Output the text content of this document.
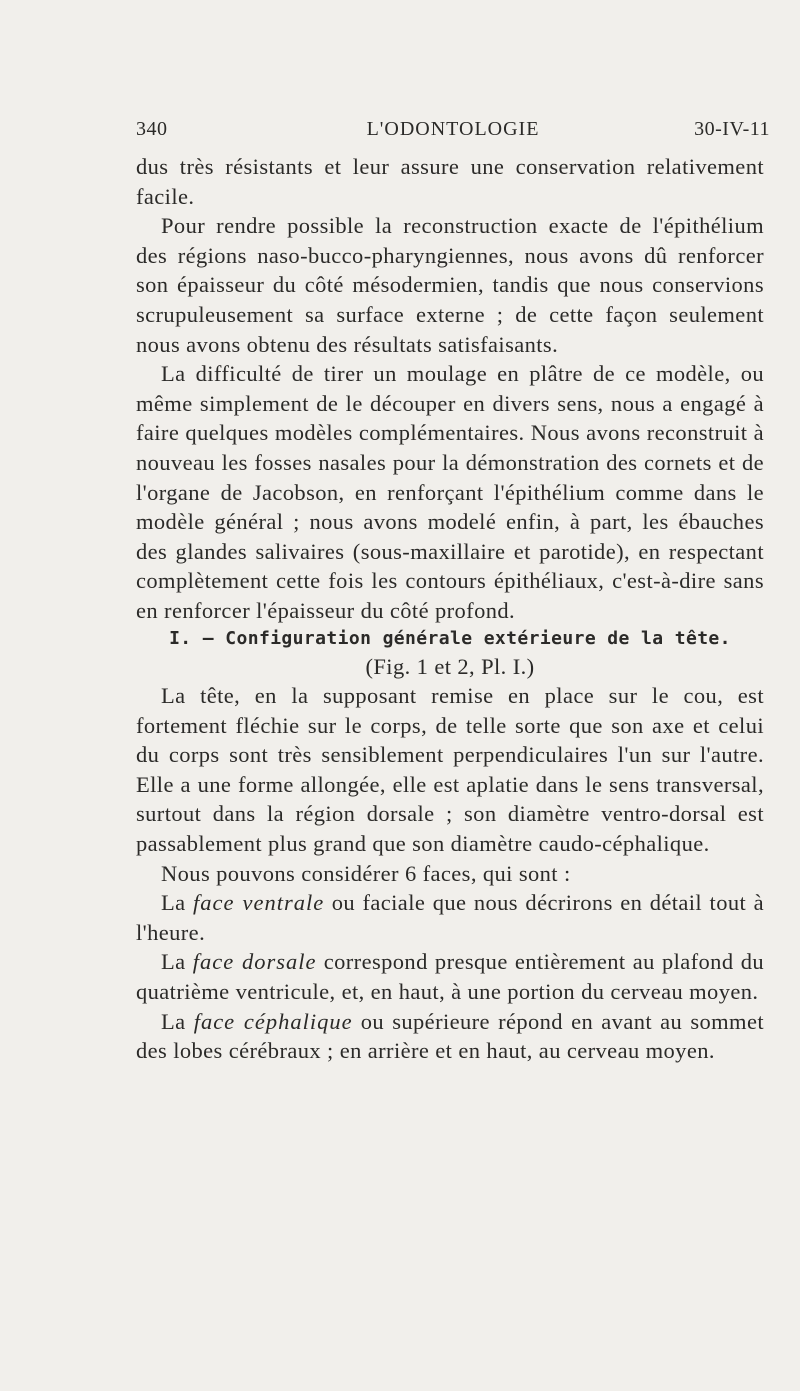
340	L'ODONTOLOGIE	30-IV-11

dus très résistants et leur assure une conservation relativement facile.

Pour rendre possible la reconstruction exacte de l'épithélium des régions naso-bucco-pharyngiennes, nous avons dû renforcer son épaisseur du côté mésodermien, tandis que nous conservions scrupuleusement sa surface externe ; de cette façon seulement nous avons obtenu des résultats satisfaisants.

La difficulté de tirer un moulage en plâtre de ce modèle, ou même simplement de le découper en divers sens, nous a engagé à faire quelques modèles complémentaires. Nous avons reconstruit à nouveau les fosses nasales pour la démonstration des cornets et de l'organe de Jacobson, en renforçant l'épithélium comme dans le modèle général ; nous avons modelé enfin, à part, les ébauches des glandes salivaires (sous-maxillaire et parotide), en respectant complètement cette fois les contours épithéliaux, c'est-à-dire sans en renforcer l'épaisseur du côté profond.

I. — Configuration générale extérieure de la tête.

(Fig. 1 et 2, Pl. I.)

La tête, en la supposant remise en place sur le cou, est fortement fléchie sur le corps, de telle sorte que son axe et celui du corps sont très sensiblement perpendiculaires l'un sur l'autre. Elle a une forme allongée, elle est aplatie dans le sens transversal, surtout dans la région dorsale ; son diamètre ventro-dorsal est passablement plus grand que son diamètre caudo-céphalique.

Nous pouvons considérer 6 faces, qui sont :

La face ventrale ou faciale que nous décrirons en détail tout à l'heure.

La face dorsale correspond presque entièrement au plafond du quatrième ventricule, et, en haut, à une portion du cerveau moyen.

La face céphalique ou supérieure répond en avant au sommet des lobes cérébraux ; en arrière et en haut, au cerveau moyen.
